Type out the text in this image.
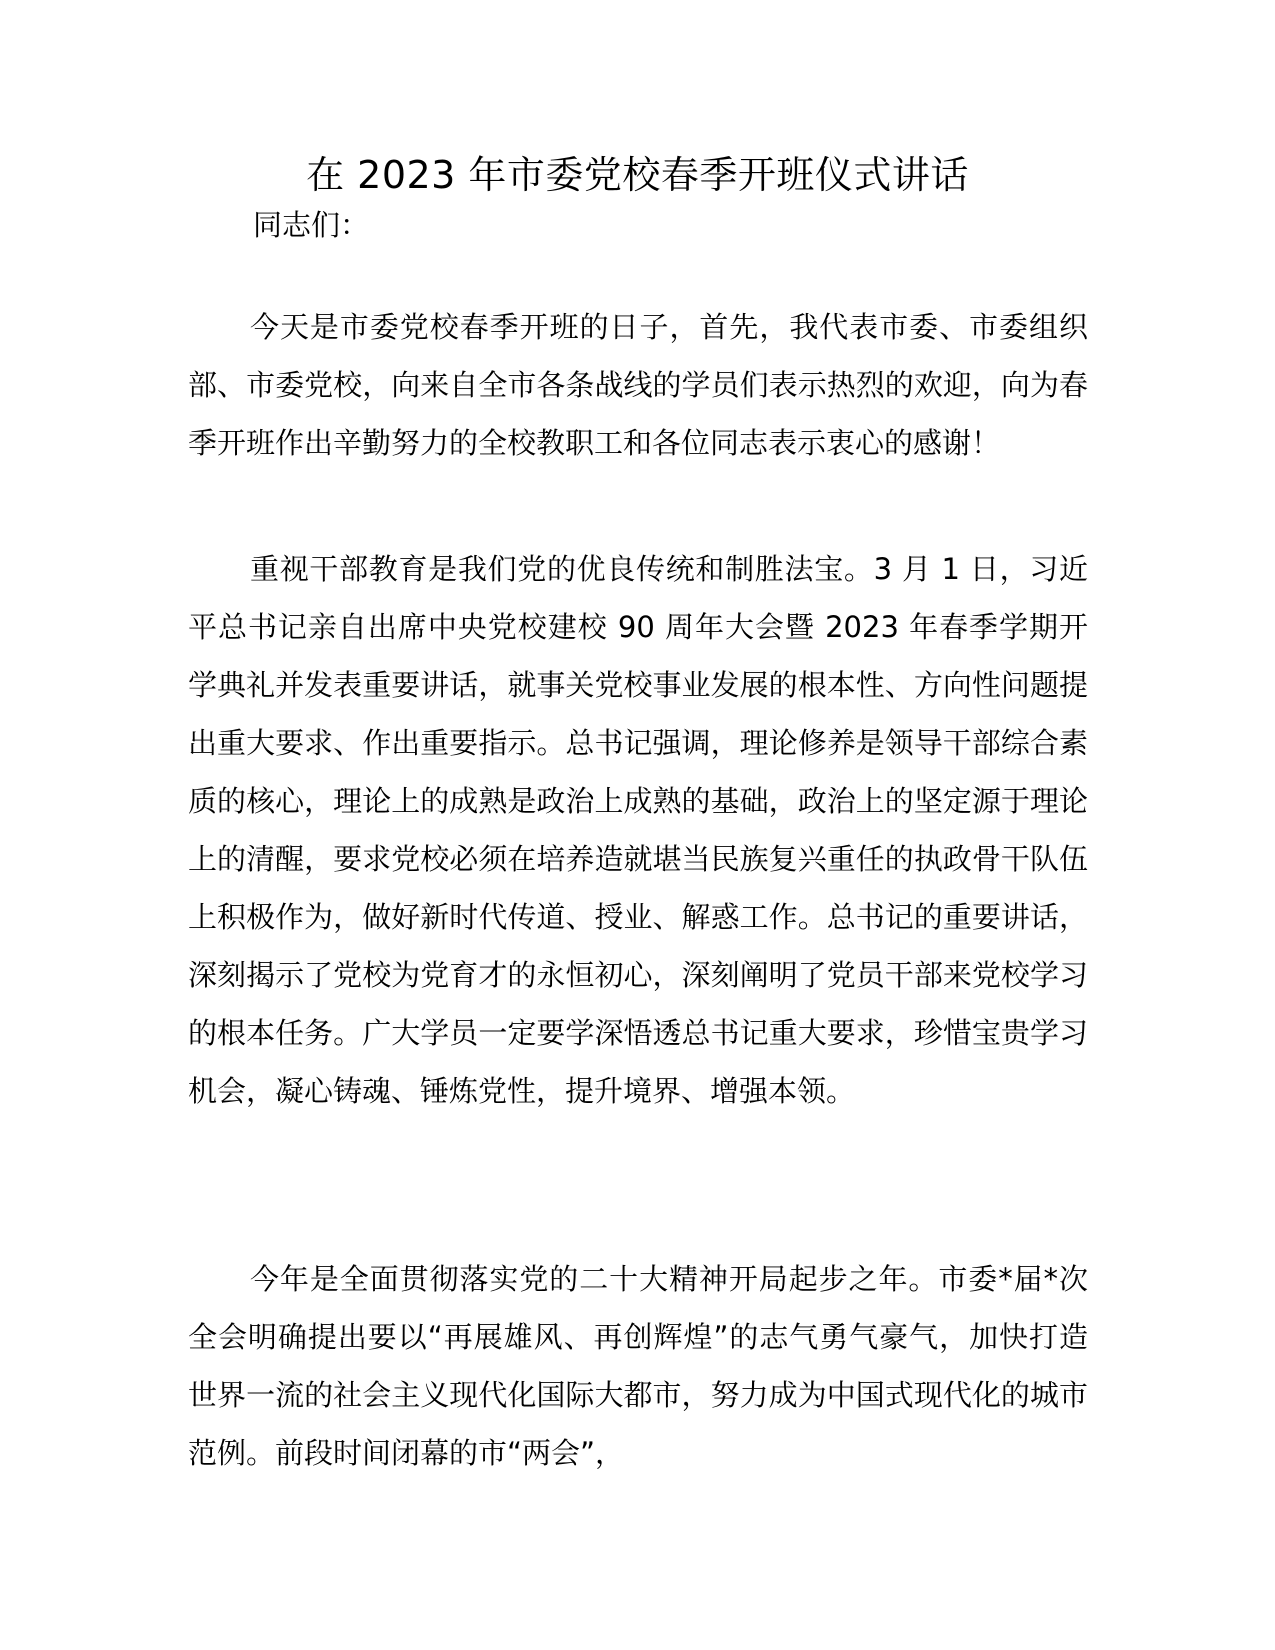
在 2023 年市委党校春季开班仪式讲话

同志们：

今天是市委党校春季开班的日子，首先，我代表市委、市委组织部、市委党校，向来自全市各条战线的学员们表示热烈的欢迎，向为春季开班作出辛勤努力的全校教职工和各位同志表示衷心的感谢！

重视干部教育是我们党的优良传统和制胜法宝。3 月 1 日，习近平总书记亲自出席中央党校建校 90 周年大会暨 2023 年春季学期开学典礼并发表重要讲话，就事关党校事业发展的根本性、方向性问题提出重大要求、作出重要指示。总书记强调，理论修养是领导干部综合素质的核心，理论上的成熟是政治上成熟的基础，政治上的坚定源于理论上的清醒，要求党校必须在培养造就堪当民族复兴重任的执政骨干队伍上积极作为，做好新时代传道、授业、解惑工作。总书记的重要讲话，深刻揭示了党校为党育才的永恒初心，深刻阐明了党员干部来党校学习的根本任务。广大学员一定要学深悟透总书记重大要求，珍惜宝贵学习机会，凝心铸魂、锤炼党性，提升境界、增强本领。

今年是全面贯彻落实党的二十大精神开局起步之年。市委*届*次全会明确提出要以“再展雄风、再创辉煌”的志气勇气豪气，加快打造世界一流的社会主义现代化国际大都市，努力成为中国式现代化的城市范例。前段时间闭幕的市“两会”，
